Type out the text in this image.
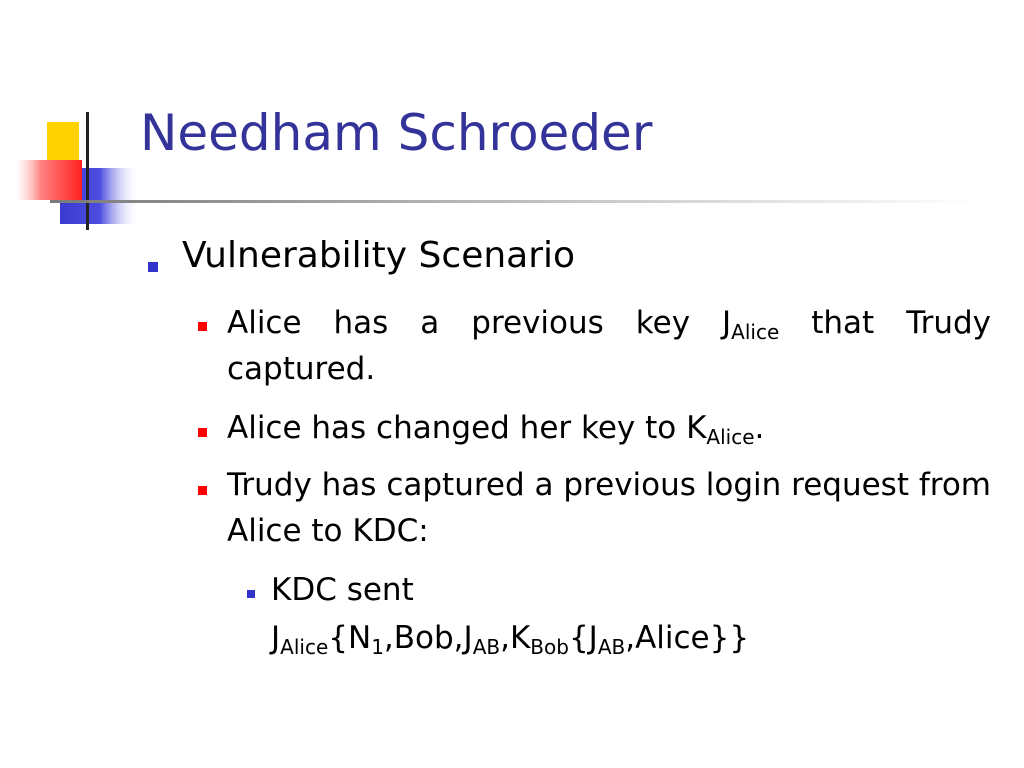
Needham Schroeder
Vulnerability Scenario
Alice has a previous key $J_{Alice}$ that Trudy captured.
Alice has changed her key to $K_{Alice}$.
Trudy has captured a previous login request from Alice to KDC:
KDC sent
$J_{Alice}\{N_1,Bob,J_{AB},K_{Bob}\{J_{AB},Alice\}\}$
